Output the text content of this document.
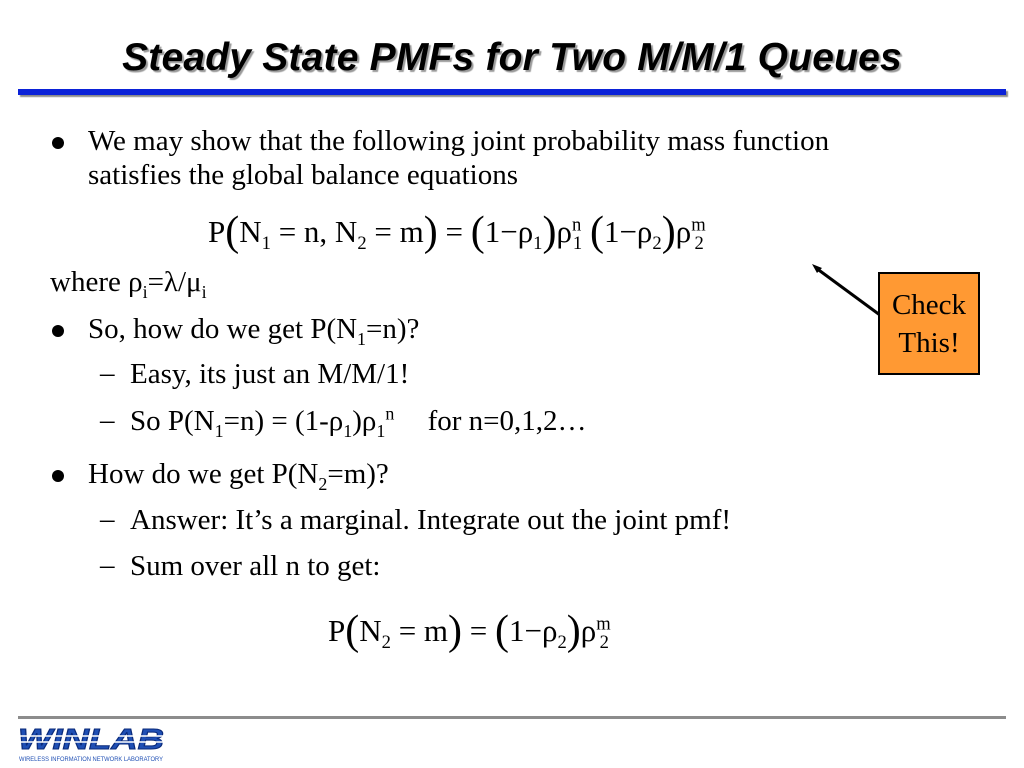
Steady State PMFs for Two M/M/1 Queues
We may show that the following joint probability mass function
satisfies the global balance equations
$P(N_1 = n$, $N_2 = m) = (1-\rho_1)\rho^n_1$ $(1-\rho_2)\rho^m_2$
where $\rho_i=\lambda/\mu_i$
So, how do we get $P(N_1=n)$?
– Easy, its just an M/M/1!
– So $P(N_1=n) = (1-\rho_1)\rho_1^n$ for n=0,1,2…
How do we get $P(N_2=m)$?
– Answer: It’s a marginal. Integrate out the joint pmf!
– Sum over all n to get:
$P(N_2 = m) = (1-\rho_2)\rho^m_2$
Check
This!
WINLAB
WIRELESS INFORMATION NETWORK LABORATORY
